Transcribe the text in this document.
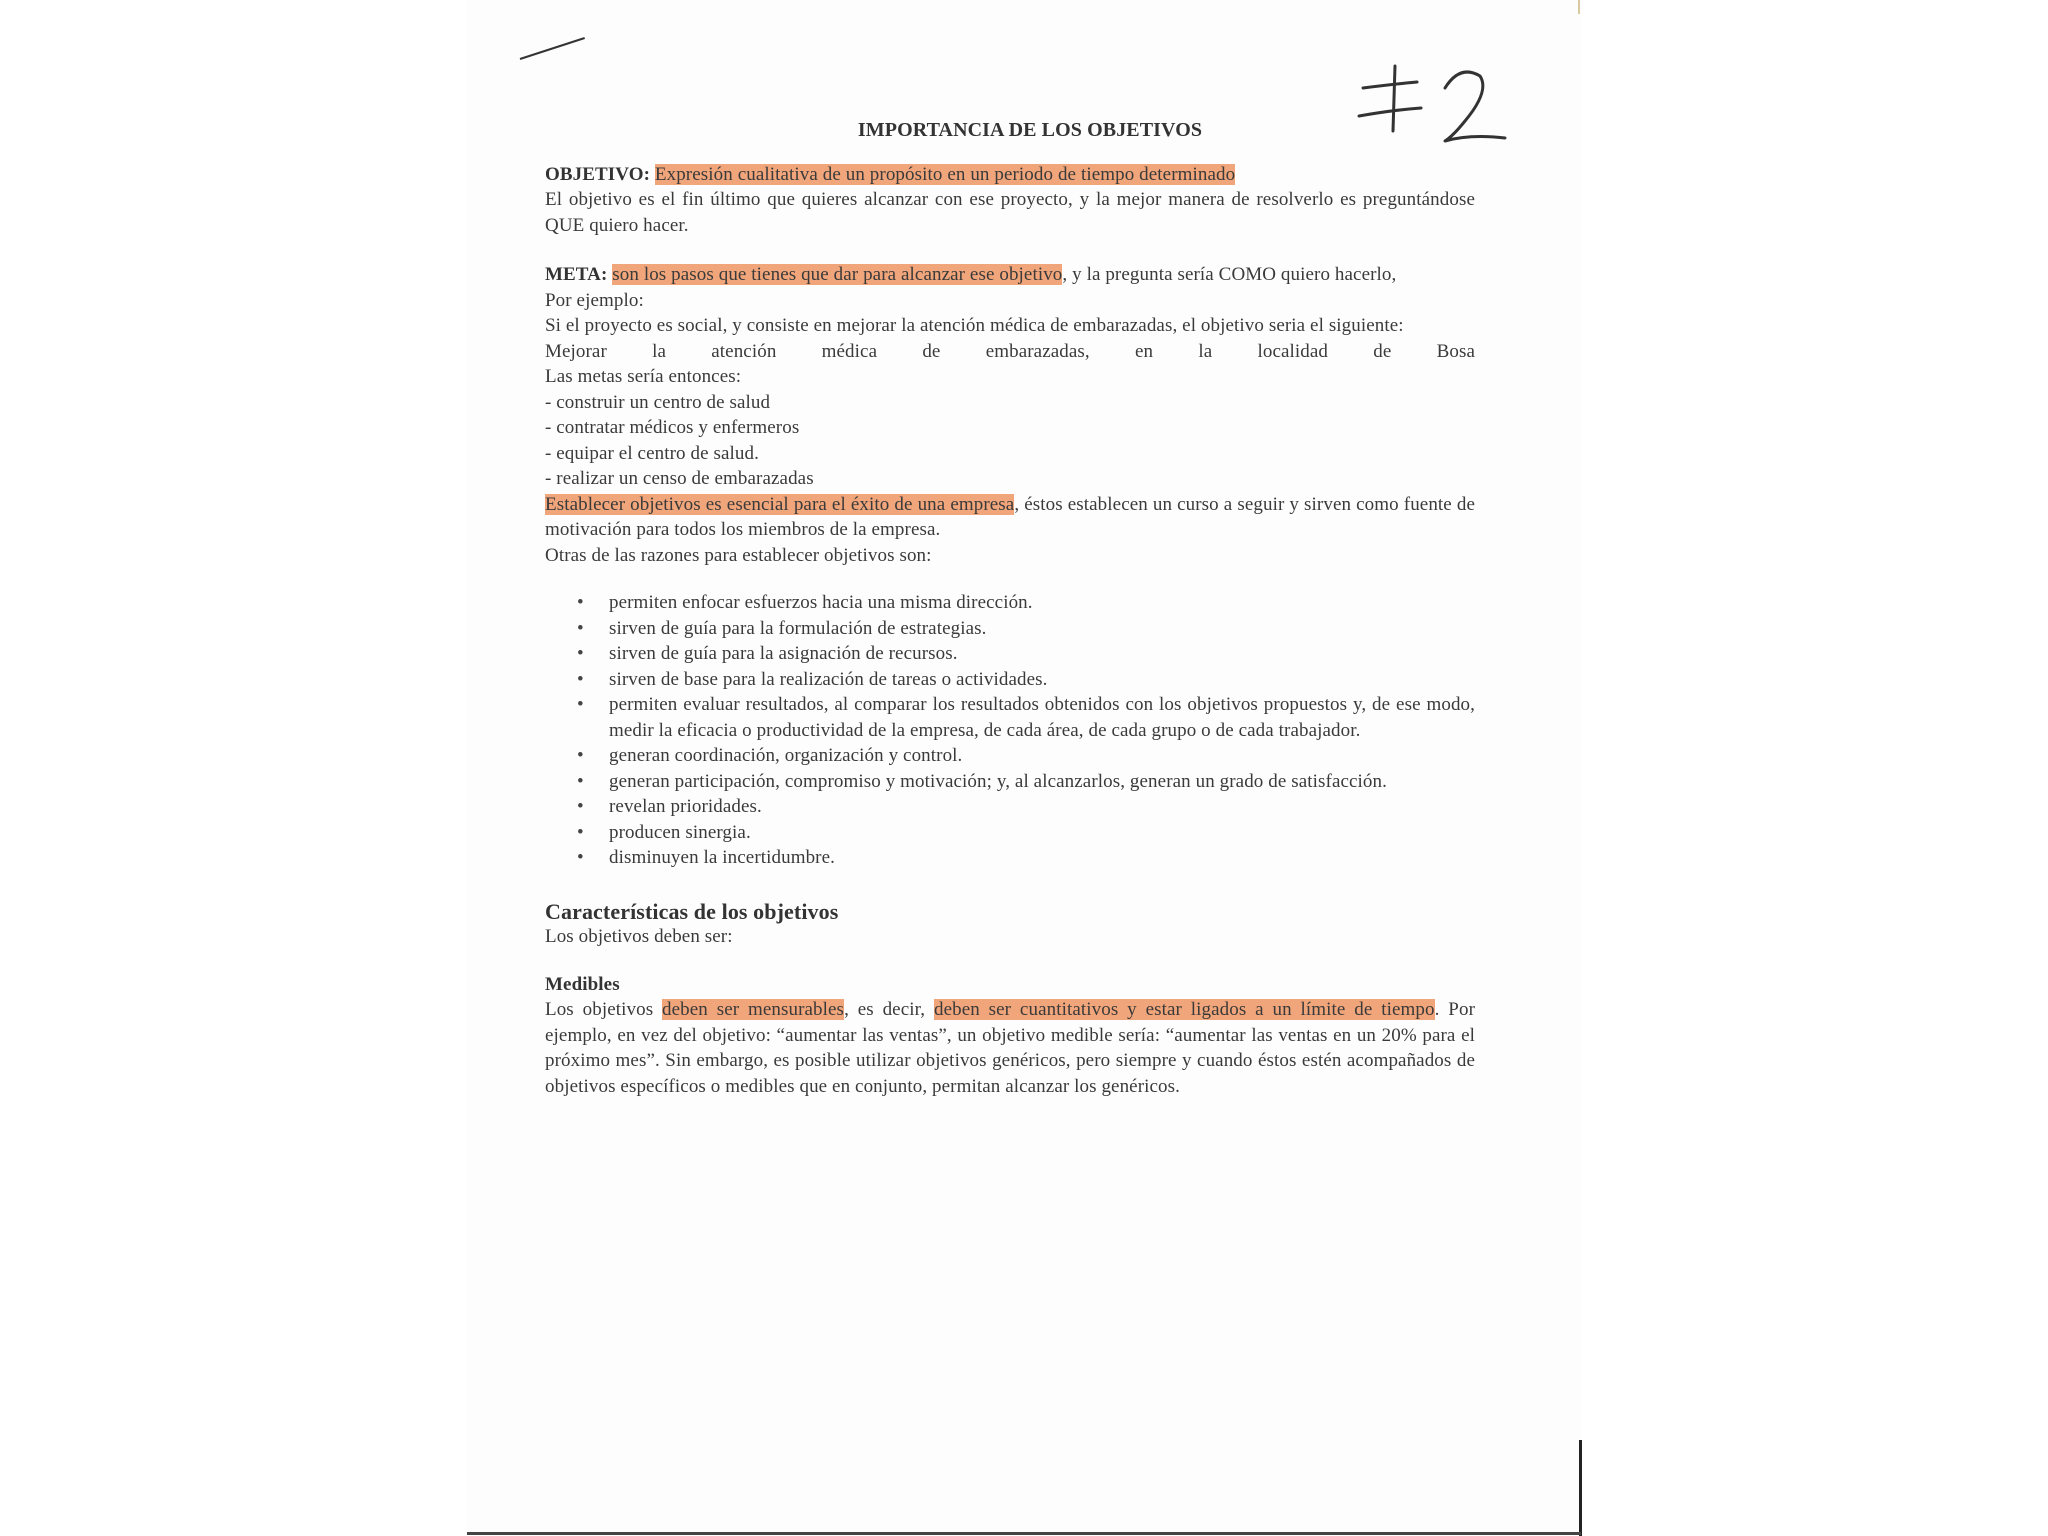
IMPORTANCIA DE LOS OBJETIVOS

OBJETIVO: Expresión cualitativa de un propósito en un periodo de tiempo determinado

El objetivo es el fin último que quieres alcanzar con ese proyecto, y la mejor manera de resolverlo es preguntándose QUE quiero hacer.

META: son los pasos que tienes que dar para alcanzar ese objetivo, y la pregunta sería COMO quiero hacerlo,

Por ejemplo:

Si el proyecto es social, y consiste en mejorar la atención médica de embarazadas, el objetivo seria el siguiente:

Mejorar la atención médica de embarazadas, en la localidad de Bosa

Las metas sería entonces:

- construir un centro de salud

- contratar médicos y enfermeros

- equipar el centro de salud.

- realizar un censo de embarazadas

Establecer objetivos es esencial para el éxito de una empresa, éstos establecen un curso a seguir y sirven como fuente de motivación para todos los miembros de la empresa.

Otras de las razones para establecer objetivos son:

• permiten enfocar esfuerzos hacia una misma dirección.
• sirven de guía para la formulación de estrategias.
• sirven de guía para la asignación de recursos.
• sirven de base para la realización de tareas o actividades.
• permiten evaluar resultados, al comparar los resultados obtenidos con los objetivos propuestos y, de ese modo, medir la eficacia o productividad de la empresa, de cada área, de cada grupo o de cada trabajador.
• generan coordinación, organización y control.
• generan participación, compromiso y motivación; y, al alcanzarlos, generan un grado de satisfacción.
• revelan prioridades.
• producen sinergia.
• disminuyen la incertidumbre.
Características de los objetivos

Los objetivos deben ser:

Medibles

Los objetivos deben ser mensurables, es decir, deben ser cuantitativos y estar ligados a un límite de tiempo. Por ejemplo, en vez del objetivo: “aumentar las ventas”, un objetivo medible sería: “aumentar las ventas en un 20% para el próximo mes”. Sin embargo, es posible utilizar objetivos genéricos, pero siempre y cuando éstos estén acompañados de objetivos específicos o medibles que en conjunto, permitan alcanzar los genéricos.
